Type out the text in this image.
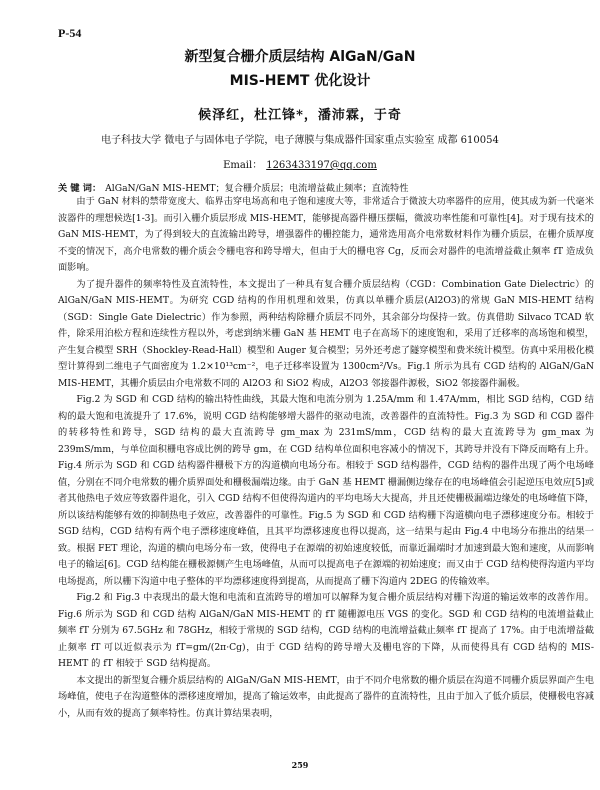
P-54
新型复合栅介质层结构 AlGaN/GaN
MIS-HEMT 优化设计
候泽红，杜江锋*，潘沛霖，于奇
电子科技大学 微电子与固体电子学院，电子薄膜与集成器件国家重点实验室 成都 610054
Email： 1263433197@qq.com
关 键 词： AlGaN/GaN MIS-HEMT；复合栅介质层；电流增益截止频率；直流特性

由于 GaN 材料的禁带宽度大、临界击穿电场高和电子饱和速度大等，非常适合于微波大功率器件的应用，使其成为新一代毫米波器件的理想候选[1-3]。而引入栅介质层形成 MIS-HEMT，能够提高器件栅压摆幅，微波功率性能和可靠性[4]。对于现有技术的 GaN MIS-HEMT，为了得到较大的直流输出跨导，增强器件的栅控能力，通常选用高介电常数材料作为栅介质层，在栅介质厚度不变的情况下，高介电常数的栅介质会令栅电容和跨导增大，但由于大的栅电容 Cg，反而会对器件的电流增益截止频率 fT 造成负面影响。

为了提升器件的频率特性及直流特性，本文提出了一种具有复合栅介质层结构（CGD：Combination Gate Dielectric）的 AlGaN/GaN MIS-HEMT。为研究 CGD 结构的作用机理和效果，仿真以单栅介质层(Al2O3)的常规 GaN MIS-HEMT 结构（SGD：Single Gate Dielectric）作为参照，两种结构除栅介质层不同外，其余部分均保持一致。仿真借助 Silvaco TCAD 软件，除采用泊松方程和连续性方程以外，考虑到纳米栅 GaN 基 HEMT 电子在高场下的速度饱和，采用了迁移率的高场饱和模型，产生复合模型 SRH（Shockley-Read-Hall）模型和 Auger 复合模型；另外还考虑了隧穿模型和费米统计模型。仿真中采用极化模型计算得到二维电子气面密度为 1.2×10¹³cm⁻²，电子迁移率设置为 1300cm²/Vs。Fig.1 所示为具有 CGD 结构的 AlGaN/GaN MIS-HEMT，其栅介质层由介电常数不同的 Al2O3 和 SiO2 构成，Al2O3 邻接器件源极，SiO2 邻接器件漏极。

Fig.2 为 SGD 和 CGD 结构的输出特性曲线，其最大饱和电流分别为 1.25A/mm 和 1.47A/mm，相比 SGD 结构，CGD 结构的最大饱和电流提升了 17.6%，说明 CGD 结构能够增大器件的驱动电流，改善器件的直流特性。Fig.3 为 SGD 和 CGD 器件的转移特性和跨导，SGD 结构的最大直流跨导 gm_max 为 231mS/mm，CGD 结构的最大直流跨导为 gm_max 为 239mS/mm，与单位面积栅电容成比例的跨导 gm，在 CGD 结构单位面积电容减小的情况下，其跨导并没有下降反而略有上升。Fig.4 所示为 SGD 和 CGD 结构器件栅极下方的沟道横向电场分布。相较于 SGD 结构器件，CGD 结构的器件出现了两个电场峰值，分别在不同介电常数的栅介质界面处和栅极漏端边缘。由于 GaN 基 HEMT 栅漏侧边缘存在的电场峰值会引起逆压电效应[5]或者其他热电子效应等致器件退化，引入 CGD 结构不但使得沟道内的平均电场大大提高，并且还使栅极漏端边缘处的电场峰值下降，所以该结构能够有效的抑制热电子效应，改善器件的可靠性。Fig.5 为 SGD 和 CGD 结构栅下沟道横向电子漂移速度分布。相较于 SGD 结构，CGD 结构有两个电子漂移速度峰值，且其平均漂移速度也得以提高，这一结果与起由 Fig.4 中电场分布推出的结果一致。根据 FET 理论，沟道的横向电场分布一致，使得电子在源端的初始速度较低，而靠近漏端时才加速到最大饱和速度，从而影响电子的输运[6]。CGD 结构能在栅极源侧产生电场峰值，从而可以提高电子在源端的初始速度；而又由于 CGD 结构使得沟道内平均电场提高，所以栅下沟道中电子整体的平均漂移速度得到提高，从而提高了栅下沟道内 2DEG 的传输效率。

Fig.2 和 Fig.3 中表现出的最大饱和电流和直流跨导的增加可以解释为复合栅介质层结构对栅下沟道的输运效率的改善作用。Fig.6 所示为 SGD 和 CGD 结构 AlGaN/GaN MIS-HEMT 的 fT 随栅源电压 VGS 的变化。SGD 和 CGD 结构的电流增益截止频率 fT 分别为 67.5GHz 和 78GHz，相较于常规的 SGD 结构，CGD 结构的电流增益截止频率 fT 提高了 17%。由于电流增益截止频率 fT 可以近似表示为 fT=gm/(2π·Cg)，由于 CGD 结构的跨导增大及栅电容的下降，从而使得具有 CGD 结构的 MIS-HEMT 的 fT 相较于 SGD 结构提高。

本文提出的新型复合栅介质层结构的 AlGaN/GaN MIS-HEMT，由于不同介电常数的栅介质层在沟道不同栅介质层界面产生电场峰值，使电子在沟道整体的漂移速度增加，提高了输运效率，由此提高了器件的直流特性，且由于加入了低介质层，使栅极电容减小，从而有效的提高了频率特性。仿真计算结果表明，

259
